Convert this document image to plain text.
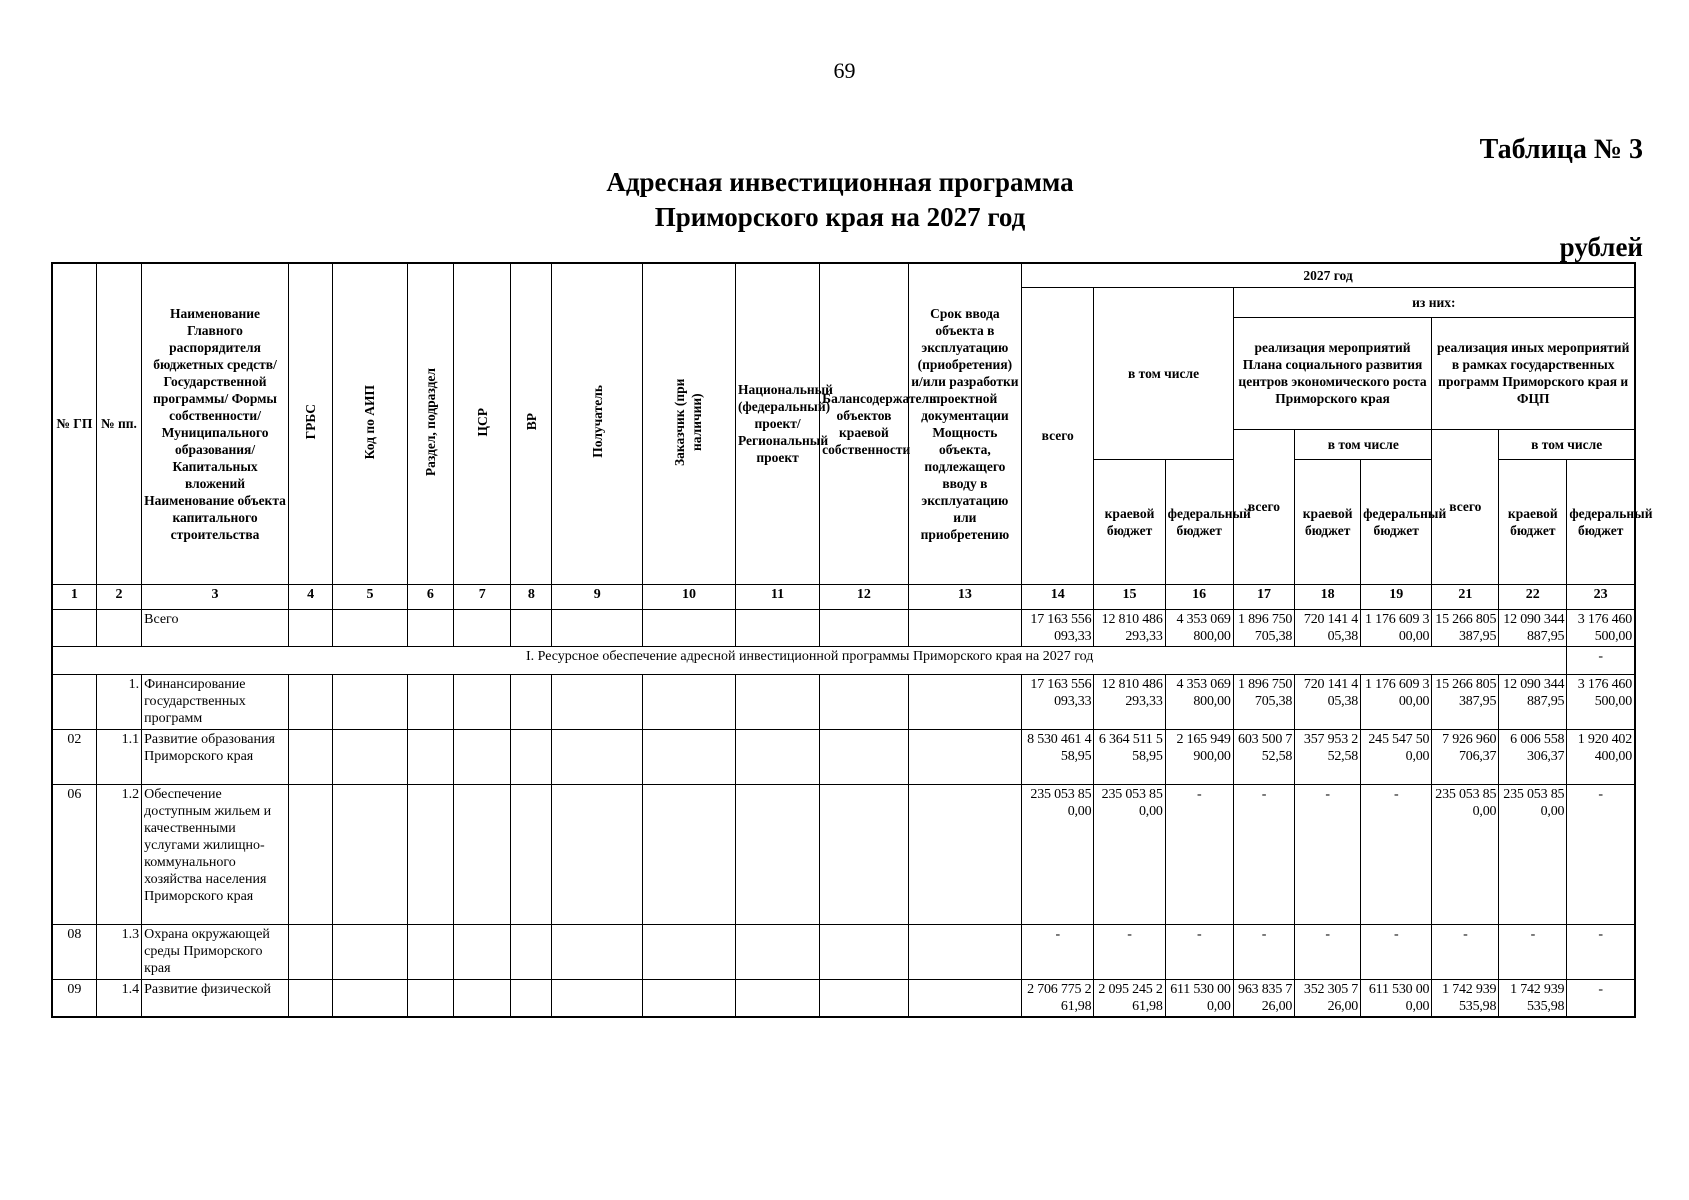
69
Таблица № 3
Адресная инвестиционная программа
Приморского края на 2027 год
рублей
№ ГП	№ пп.	Наименование Главного распорядителя бюджетных средств/Государственной программы/ Формы собственности/Муниципального образования/Капитальных вложений Наименование объекта капитального строительства	ГРБС	Код по АИП	Раздел, подраздел	ЦСР	ВР	Получатель	Заказчик (при наличии)	Национальный (федеральный) проект/ Региональный проект	Балансодержатель объектов краевой собственности	Срок ввода объекта в эксплуатацию (приобретения) и/или разработки проектной документации Мощность объекта, подлежащего вводу в эксплуатацию или приобретению	2027 год								
													всего	в том числе		из них:					
																реализация мероприятий Плана социального развития центров экономического роста Приморского края			реализация иных мероприятий в рамках государственных программ Приморского края и ФЦП		
																всего	в том числе		всего	в том числе	
														краевой бюджет	федеральный бюджет		краевой бюджет	федеральный бюджет		краевой бюджет	федеральный бюджет
1	2	3	4	5	6	7	8	9	10	11	12	13	14	15	16	17	18	19	21	22	23
		Всего											17 163 556 093,33	12 810 486 293,33	4 353 069 800,00	1 896 750 705,38	720 141 405,38	1 176 609 300,00	15 266 805 387,95	12 090 344 887,95	3 176 460 500,00
I. Ресурсное обеспечение адресной инвестиционной программы Приморского края на 2027 год																					-
	1.	Финансирование государственных программ											17 163 556 093,33	12 810 486 293,33	4 353 069 800,00	1 896 750 705,38	720 141 405,38	1 176 609 300,00	15 266 805 387,95	12 090 344 887,95	3 176 460 500,00
02	1.1	Развитие образования Приморского края											8 530 461 458,95	6 364 511 558,95	2 165 949 900,00	603 500 752,58	357 953 252,58	245 547 500,00	7 926 960 706,37	6 006 558 306,37	1 920 402 400,00
06	1.2	Обеспечение доступным жильем и качественными услугами жилищно-коммунального хозяйства населения Приморского края											235 053 850,00	235 053 850,00	-	-	-	-	235 053 850,00	235 053 850,00	-
08	1.3	Охрана окружающей среды Приморского края											-	-	-	-	-	-	-	-	-
09	1.4	Развитие физической											2 706 775 261,98	2 095 245 261,98	611 530 000,00	963 835 726,00	352 305 726,00	611 530 000,00	1 742 939 535,98	1 742 939 535,98	-
